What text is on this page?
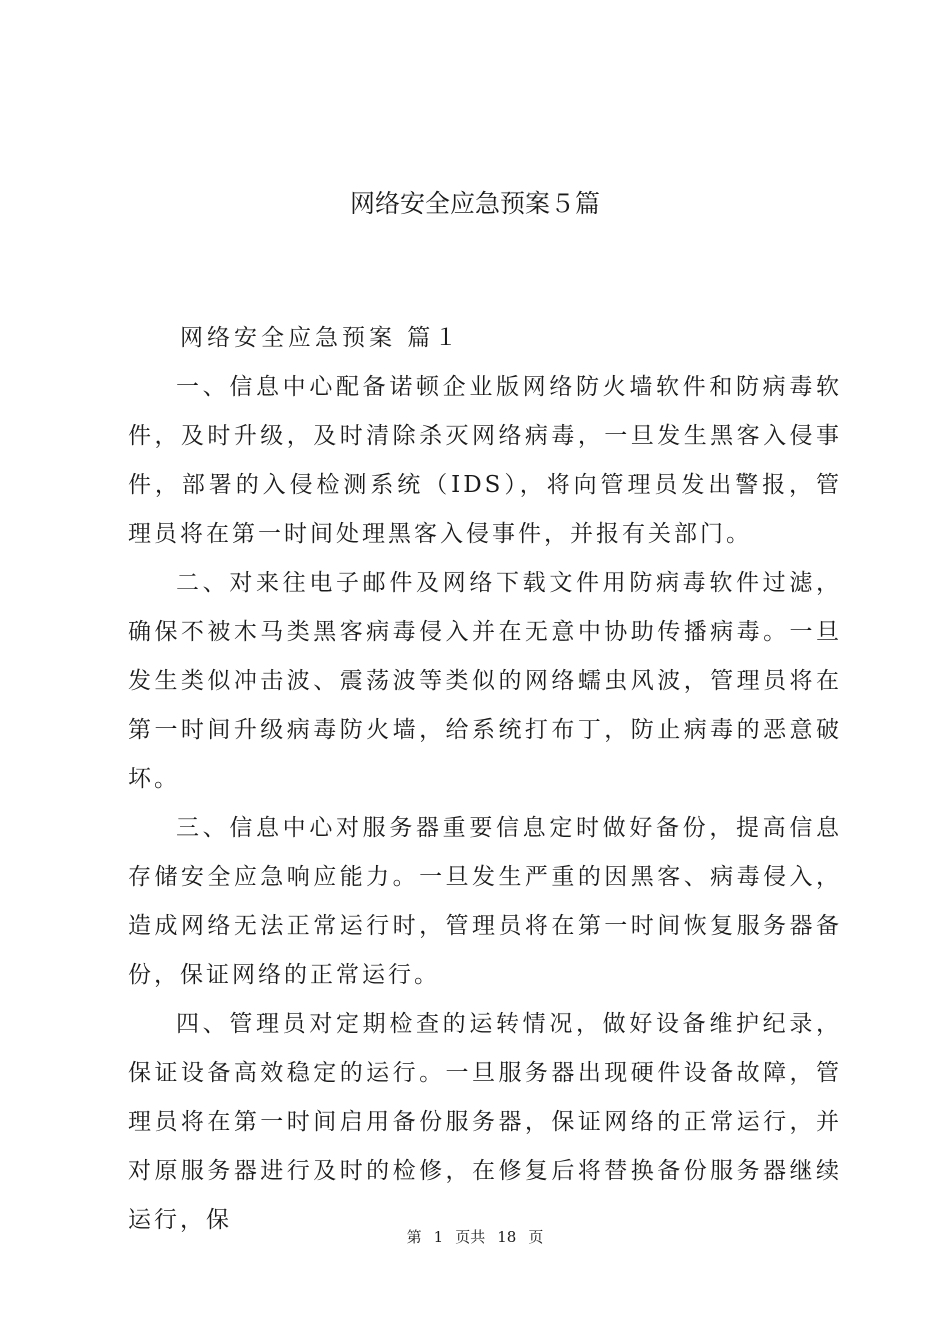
网络安全应急预案５篇

网络安全应急预案 篇１

一、信息中心配备诺顿企业版网络防火墙软件和防病毒软件，及时升级，及时清除杀灭网络病毒，一旦发生黑客入侵事件，部署的入侵检测系统（IDS），将向管理员发出警报，管理员将在第一时间处理黑客入侵事件，并报有关部门。

二、对来往电子邮件及网络下载文件用防病毒软件过滤，确保不被木马类黑客病毒侵入并在无意中协助传播病毒。一旦发生类似冲击波、震荡波等类似的网络蠕虫风波，管理员将在第一时间升级病毒防火墙，给系统打布丁，防止病毒的恶意破坏。

三、信息中心对服务器重要信息定时做好备份，提高信息存储安全应急响应能力。一旦发生严重的因黑客、病毒侵入，造成网络无法正常运行时，管理员将在第一时间恢复服务器备份，保证网络的正常运行。

四、管理员对定期检查的运转情况，做好设备维护纪录，保证设备高效稳定的运行。一旦服务器出现硬件设备故障，管理员将在第一时间启用备份服务器，保证网络的正常运行，并对原服务器进行及时的检修，在修复后将替换备份服务器继续运行，保

第 1 页共 18 页
